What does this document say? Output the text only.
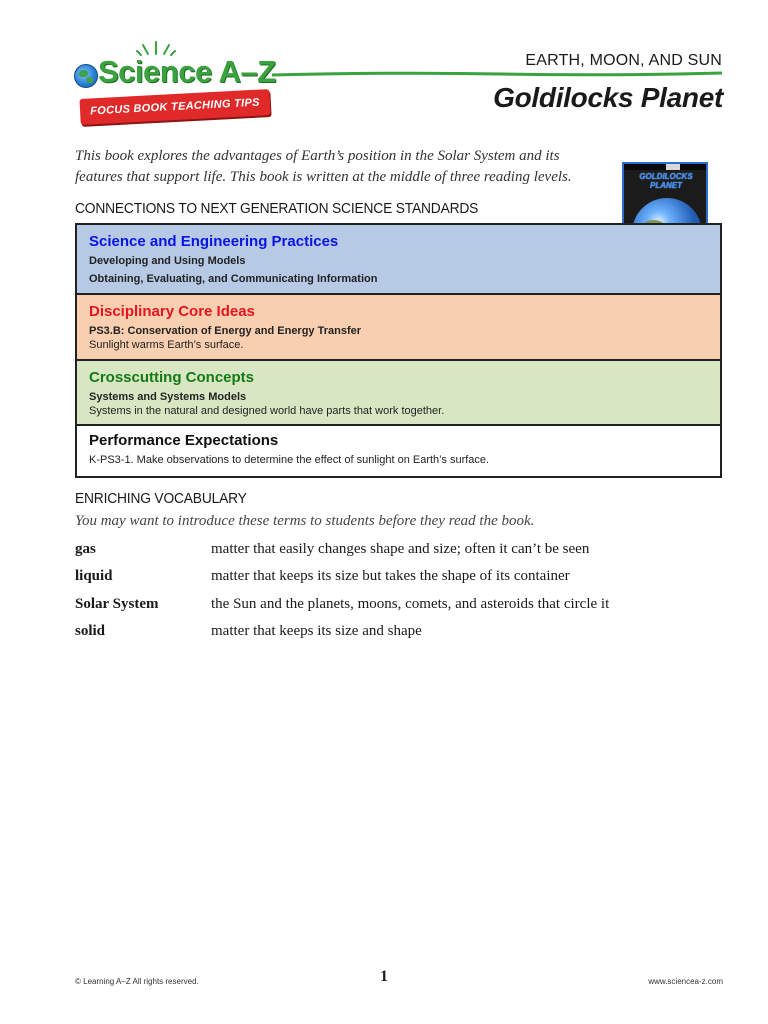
Science A–Z
FOCUS BOOK TEACHING TIPS
EARTH, MOON, AND SUN
Goldilocks Planet
This book explores the advantages of Earth’s position in the Solar System and its features that support life. This book is written at the middle of three reading levels.	GOLDILOCKS PLANET
CONNECTIONS TO NEXT GENERATION SCIENCE STANDARDS
Science and Engineering Practices
Developing and Using Models
Obtaining, Evaluating, and Communicating Information
Disciplinary Core Ideas
PS3.B: Conservation of Energy and Energy Transfer
Sunlight warms Earth’s surface.
Crosscutting Concepts
Systems and Systems Models
Systems in the natural and designed world have parts that work together.
Performance Expectations
K-PS3-1. Make observations to determine the effect of sunlight on Earth’s surface.
ENRICHING VOCABULARY
You may want to introduce these terms to students before they read the book.
gas	matter that easily changes shape and size; often it can’t be seen
liquid	matter that keeps its size but takes the shape of its container
Solar System	the Sun and the planets, moons, comets, and asteroids that circle it
solid	matter that keeps its size and shape
© Learning A–Z All rights reserved.	1	www.sciencea-z.com
